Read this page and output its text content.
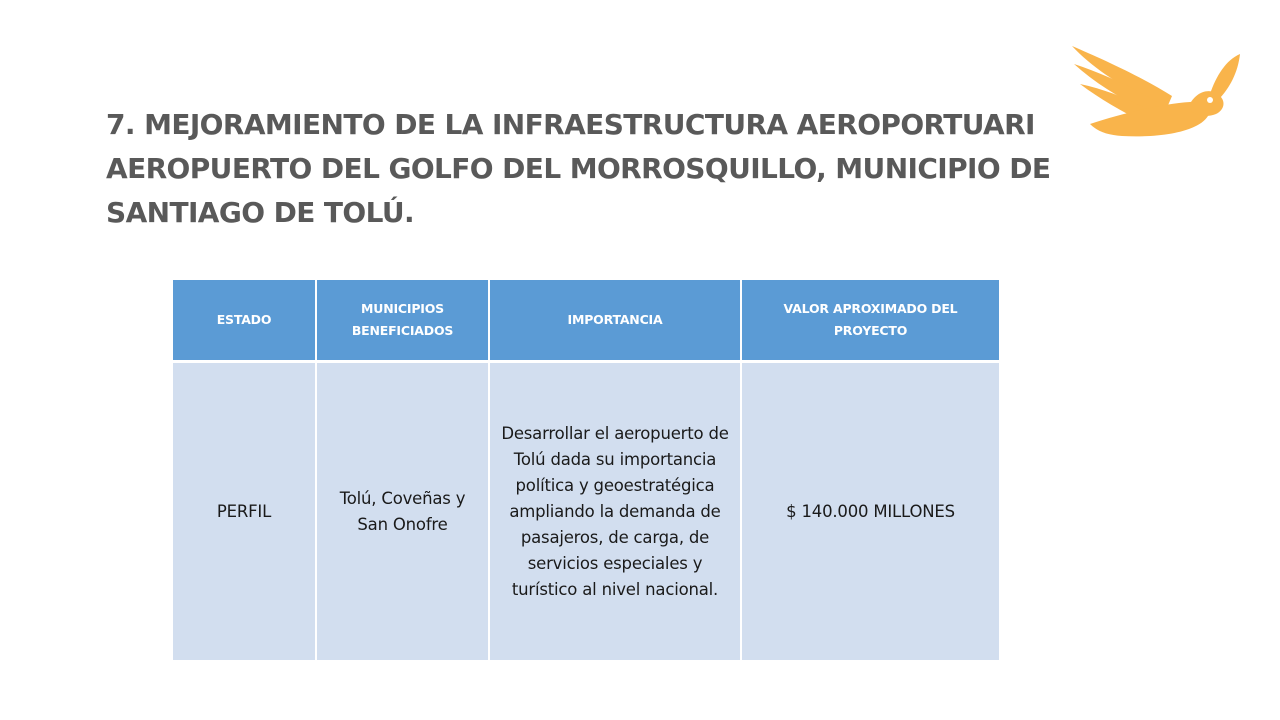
7. MEJORAMIENTO DE LA INFRAESTRUCTURA AEROPORTUARI
AEROPUERTO DEL GOLFO DEL MORROSQUILLO, MUNICIPIO DE
SANTIAGO DE TOLÚ.
ESTADO	MUNICIPIOS BENEFICIADOS	IMPORTANCIA	VALOR APROXIMADO DEL PROYECTO

PERFIL	Tolú, Coveñas y San Onofre	Desarrollar el aeropuerto de Tolú dada su importancia política y geoestratégica ampliando la demanda de pasajeros, de carga, de servicios especiales y turístico al nivel nacional.	$ 140.000 MILLONES
